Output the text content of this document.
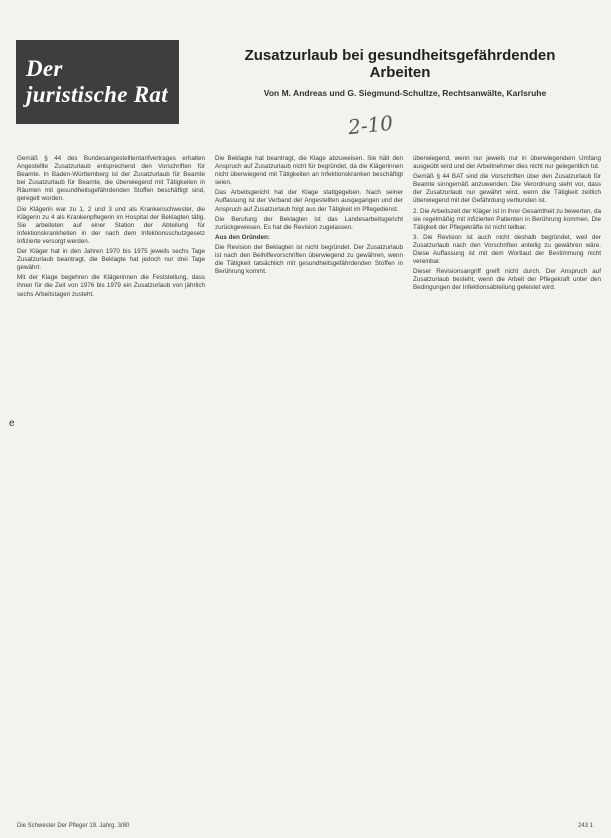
Der
juristische Rat
Zusatzurlaub bei gesundheitsgefährdenden
Arbeiten
Von M. Andreas und G. Siegmund-Schultze, Rechtsanwälte, Karlsruhe
2-10
e

Gemäß § 44 des Bundesangestelltentarifvertrages erhalten Angestellte Zusatzurlaub entsprechend den Vorschriften für Beamte. In Baden-Württemberg ist der Zusatzurlaub für Beamte bei Zusatzurlaub für Beamte, die überwiegend mit Tätigkeiten in Räumen mit gesundheitsgefährdenden Stoffen beschäftigt sind, geregelt worden.

Die Klägerin war zu 1, 2 und 3 und als Krankenschwester, die Klägerin zu 4 als Krankenpflegerin im Hospital der Beklagten tätig. Sie arbeiteten auf einer Station der Abteilung für Infektionskrankheiten in der nach dem Infektionsschutzgesetz Infizierte versorgt werden.

Der Kläger hat in den Jahren 1970 bis 1975 jeweils sechs Tage Zusatzurlaub beantragt, die Beklagte hat jedoch nur drei Tage gewährt.

Mit der Klage begehren die Klägerinnen die Feststellung, dass ihnen für die Zeit von 1976 bis 1979 ein Zusatzurlaub von jährlich sechs Arbeitstagen zusteht.

Die Beklagte hat beantragt, die Klage abzuweisen. Sie hält den Anspruch auf Zusatzurlaub nicht für begründet, da die Klägerinnen nicht überwiegend mit Tätigkeiten an Infektionskranken beschäftigt seien.

Das Arbeitsgericht hat der Klage stattgegeben. Nach seiner Auffassung ist der Verband der Angestellten ausgegangen und der Anspruch auf Zusatzurlaub folgt aus der Tätigkeit im Pflegedienst.

Die Berufung der Beklagten ist das Landesarbeitsgericht zurückgewiesen. Es hat die Revision zugelassen.

Aus den Gründen:

Die Revision der Beklagten ist nicht begründet. Der Zusatzurlaub ist nach den Beihilfevorschriften überwiegend zu gewähren, wenn die Tätigkeit tatsächlich mit gesundheitsgefährdenden Stoffen in Berührung kommt.

überwiegend, wenn nur jeweils nur in überwiegendem Umfang ausgeübt wird und der Arbeitnehmer dies nicht nur gelegentlich tut.

Gemäß § 44 BAT sind die Vorschriften über den Zusatzurlaub für Beamte sinngemäß anzuwenden. Die Verordnung sieht vor, dass der Zusatzurlaub nur gewährt wird, wenn die Tätigkeit zeitlich überwiegend mit der Gefährdung verbunden ist.

2. Die Arbeitszeit der Kläger ist in ihrer Gesamtheit zu bewerten, da sie regelmäßig mit infizierten Patienten in Berührung kommen. Die Tätigkeit der Pflegekräfte ist nicht teilbar.

3. Die Revision ist auch nicht deshalb begründet, weil der Zusatzurlaub nach den Vorschriften anteilig zu gewähren wäre. Diese Auffassung ist mit dem Wortlaut der Bestimmung nicht vereinbar.

Dieser Revisionsangriff greift nicht durch. Der Anspruch auf Zusatzurlaub besteht, wenn die Arbeit der Pflegekraft unter den Bedingungen der Infektionsabteilung geleistet wird.

Die Schwester Der Pfleger 19. Jahrg. 3/80	243 1
